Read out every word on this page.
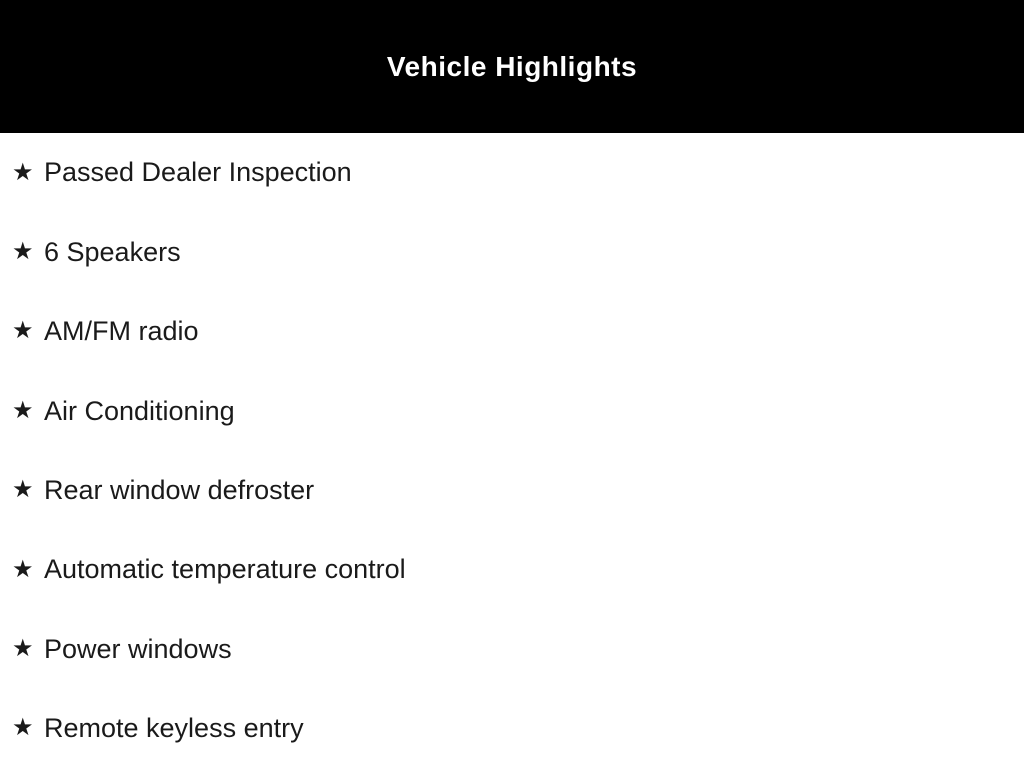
Vehicle Highlights
★ Passed Dealer Inspection
★ 6 Speakers
★ AM/FM radio
★ Air Conditioning
★ Rear window defroster
★ Automatic temperature control
★ Power windows
★ Remote keyless entry
